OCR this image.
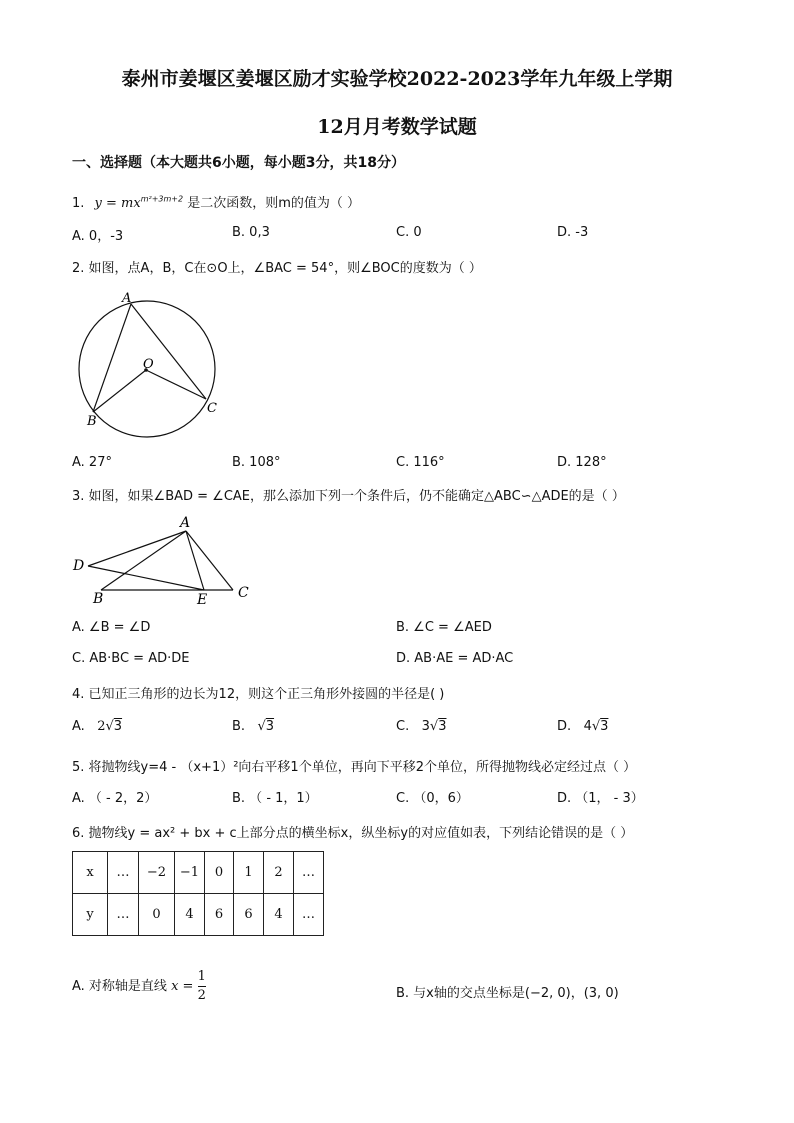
泰州市姜堰区姜堰区励才实验学校2022-2023学年九年级上学期
12月月考数学试题
一、选择题（本大题共6小题，每小题3分，共18分）
1. $y = mx^{m^2+3m+2}$ 是二次函数，则m的值为（ ）
A. 0，-3	B. 0,3	C. 0	D. -3
2. 如图，点A，B，C在⊙O上，∠BAC = 54°，则∠BOC的度数为（ ）
A
O
B
C
A. 27°	B. 108°	C. 116°	D. 128°
3. 如图，如果∠BAD = ∠CAE，那么添加下列一个条件后，仍不能确定△ABC∽△ADE的是（ ）
A
D
B	E C
A. ∠B = ∠D	B. ∠C = ∠AED
C. AB·BC = AD·DE	D. AB·AE = AD·AC
4. 已知正三角形的边长为12，则这个正三角形外接圆的半径是( )
A. 2√3	B. √3	C. 3√3	D. 4√3
5. 将抛物线y=4 - （x+1）²向右平移1个单位，再向下平移2个单位，所得抛物线必定经过点（ ）
A. （ - 2，2）	B. （ - 1，1）	C. （0，6）	D. （1， - 3）
6. 抛物线y = ax² + bx + c上部分点的横坐标x，纵坐标y的对应值如表，下列结论错误的是（ ）
x	…	−2	−1	0	1	2	…
y	…	0	4	6	6	4	…
A. 对称轴是直线 $x = \frac{1}{2}$	B. 与x轴的交点坐标是(−2, 0)，(3, 0)
